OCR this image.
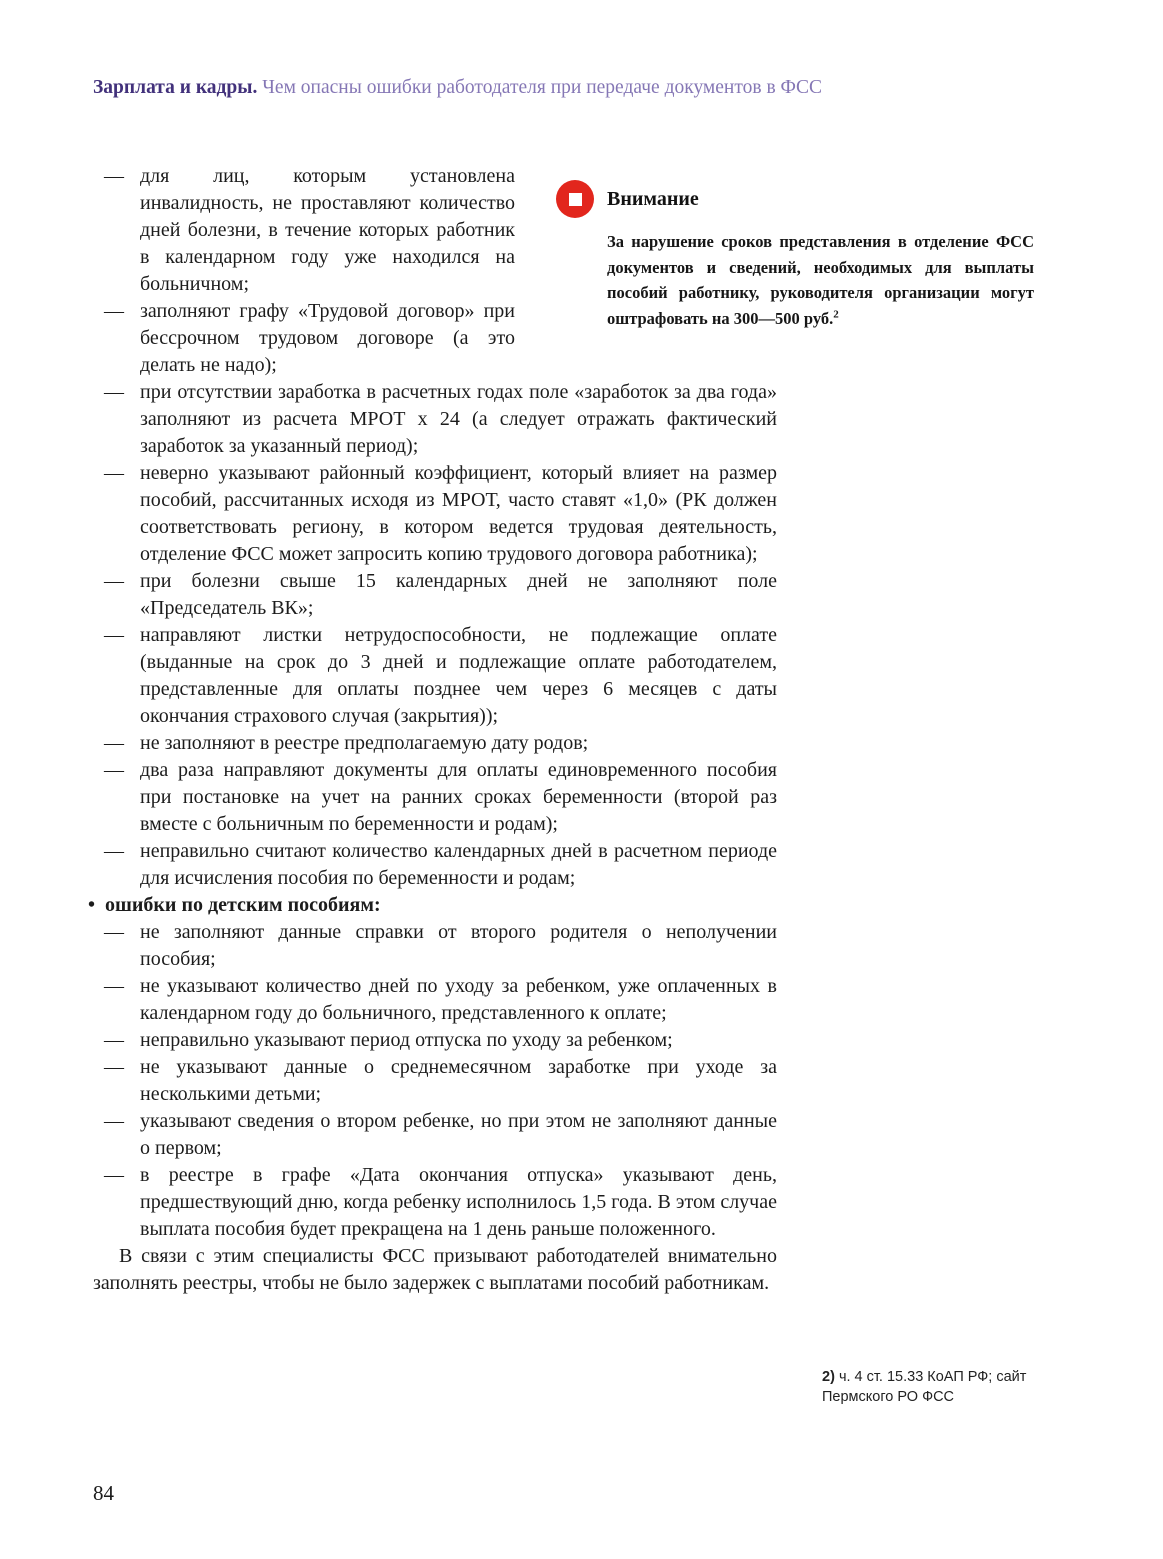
Зарплата и кадры. Чем опасны ошибки работодателя при передаче документов в ФСС
Внимание

За нарушение сроков представления в отделение ФСС документов и сведений, необходимых для выплаты пособий работнику, руководителя организации могут оштрафовать на 300—500 руб.$^2$

— для лиц, которым установлена инвалидность, не проставляют количество дней болезни, в течение которых работник в календарном году уже находился на больничном;
— заполняют графу «Трудовой договор» при бессрочном трудовом договоре (а это делать не надо);
— при отсутствии заработка в расчетных годах поле «заработок за два года» заполняют из расчета МРОТ x 24 (а следует отражать фактический заработок за указанный период);
— неверно указывают районный коэффициент, который влияет на размер пособий, рассчитанных исходя из МРОТ, часто ставят «1,0» (РК должен соответствовать региону, в котором ведется трудовая деятельность, отделение ФСС может запросить копию трудового договора работника);
— при болезни свыше 15 календарных дней не заполняют поле «Председатель ВК»;
— направляют листки нетрудоспособности, не подлежащие оплате (выданные на срок до 3 дней и подлежащие оплате работодателем, представленные для оплаты позднее чем через 6 месяцев с даты окончания страхового случая (закрытия));
— не заполняют в реестре предполагаемую дату родов;
— два раза направляют документы для оплаты единовременного пособия при постановке на учет на ранних сроках беременности (второй раз вместе с больничным по беременности и родам);
— неправильно считают количество календарных дней в расчетном периоде для исчисления пособия по беременности и родам;
• ошибки по детским пособиям:
— не заполняют данные справки от второго родителя о неполучении пособия;
— не указывают количество дней по уходу за ребенком, уже оплаченных в календарном году до больничного, представленного к оплате;
— неправильно указывают период отпуска по уходу за ребенком;
— не указывают данные о среднемесячном заработке при уходе за несколькими детьми;
— указывают сведения о втором ребенке, но при этом не заполняют данные о первом;
— в реестре в графе «Дата окончания отпуска» указывают день, предшествующий дню, когда ребенку исполнилось 1,5 года. В этом случае выплата пособия будет прекращена на 1 день раньше положенного.

В связи с этим специалисты ФСС призывают работодателей внимательно заполнять реестры, чтобы не было задержек с выплатами пособий работникам.

2) ч. 4 ст. 15.33 КоАП РФ; сайт Пермского РО ФСС
84
